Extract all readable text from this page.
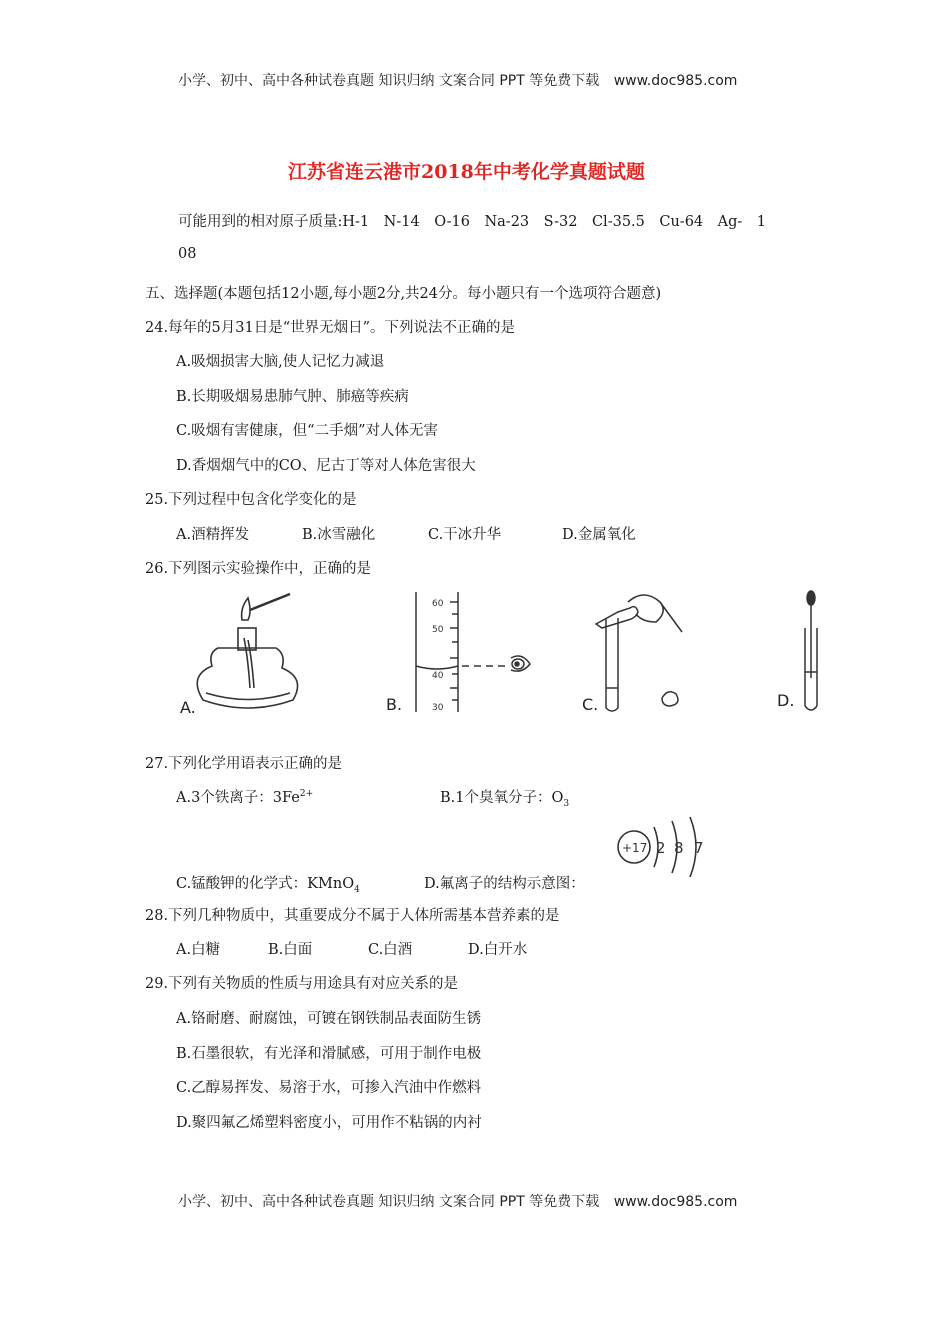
小学、初中、高中各种试卷真题 知识归纳 文案合同 PPT 等免费下载 www.doc985.com
江苏省连云港市2018年中考化学真题试题
可能用到的相对原子质量:H-1　N-14　O-16　Na-23　S-32　Cl-35.5　Cu-64　Ag-　1
08
五、选择题(本题包括12小题,每小题2分,共24分。每小题只有一个选项符合题意)
24.每年的5月31日是“世界无烟日”。下列说法不正确的是
A.吸烟损害大脑,使人记忆力减退
B.长期吸烟易患肺气肿、肺癌等疾病
C.吸烟有害健康，但“二手烟”对人体无害
D.香烟烟气中的CO、尼古丁等对人体危害很大
25.下列过程中包含化学变化的是
A.酒精挥发	B.冰雪融化	C.干冰升华	D.金属氧化
26.下列图示实验操作中，正确的是
A.
60
50
40
30
B.	C.	D.
27.下列化学用语表示正确的是
A.3个铁离子：$3Fe^{2+}$	B.1个臭氧分子：$O_3$
+17 2 8 7
C.锰酸钾的化学式：KMnO$_4$	D.氟离子的结构示意图：
28.下列几种物质中，其重要成分不属于人体所需基本营养素的是
A.白糖	B.白面	C.白酒	D.白开水
29.下列有关物质的性质与用途具有对应关系的是
A.铬耐磨、耐腐蚀，可镀在钢铁制品表面防生锈
B.石墨很软，有光泽和滑腻感，可用于制作电极
C.乙醇易挥发、易溶于水，可掺入汽油中作燃料
D.聚四氟乙烯塑料密度小，可用作不粘锅的内衬
小学、初中、高中各种试卷真题 知识归纳 文案合同 PPT 等免费下载 www.doc985.com
